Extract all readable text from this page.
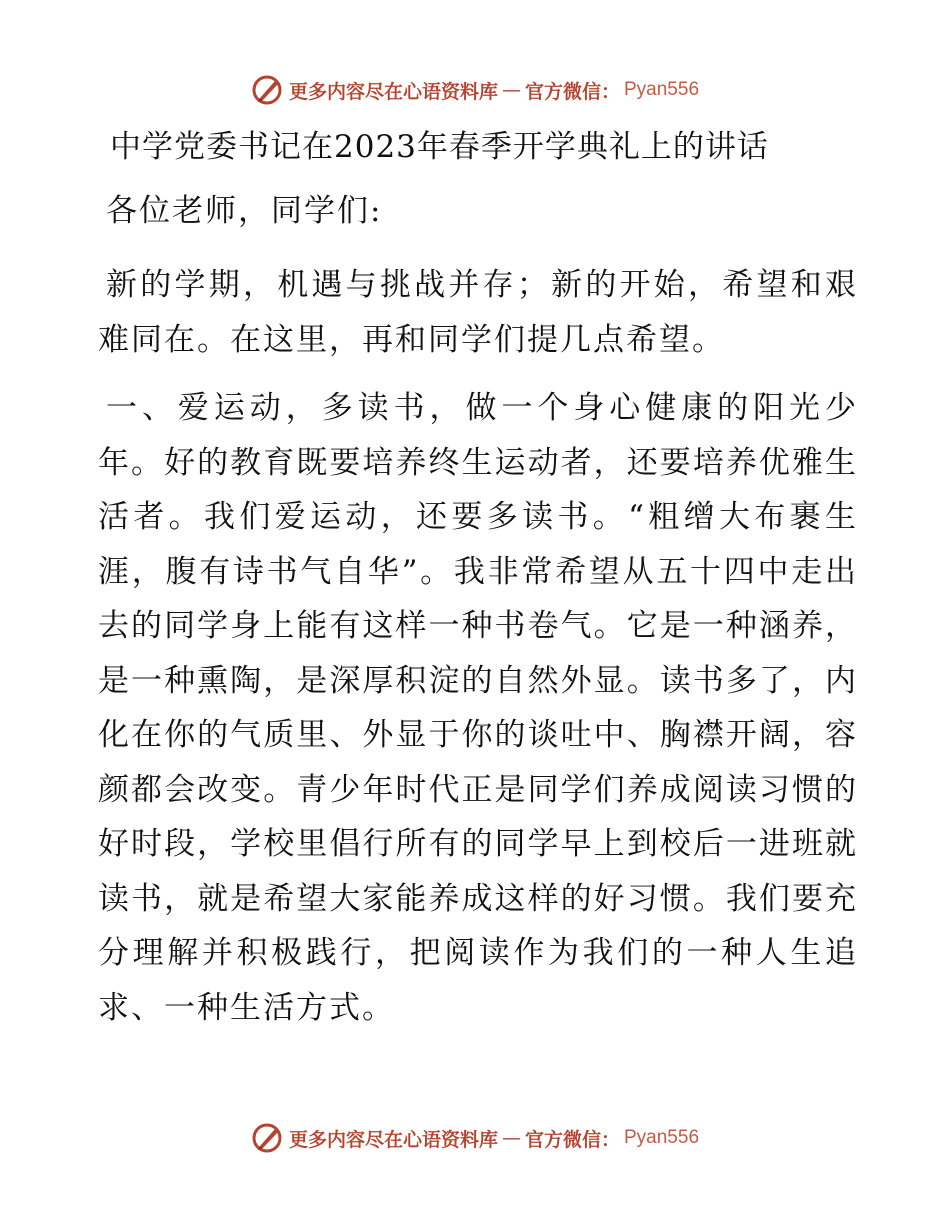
更多内容尽在心语资料库 — 官方微信： Pyan556
中学党委书记在2023年春季开学典礼上的讲话
各位老师，同学们:

新的学期，机遇与挑战并存；新的开始，希望和艰难同在。在这里，再和同学们提几点希望。

一、爱运动，多读书，做一个身心健康的阳光少年。好的教育既要培养终生运动者，还要培养优雅生活者。我们爱运动，还要多读书。“粗缯大布裹生涯，腹有诗书气自华”。我非常希望从五十四中走出去的同学身上能有这样一种书卷气。它是一种涵养，是一种熏陶，是深厚积淀的自然外显。读书多了，内化在你的气质里、外显于你的谈吐中、胸襟开阔，容颜都会改变。青少年时代正是同学们养成阅读习惯的好时段，学校里倡行所有的同学早上到校后一进班就读书，就是希望大家能养成这样的好习惯。我们要充分理解并积极践行，把阅读作为我们的一种人生追求、一种生活方式。

更多内容尽在心语资料库 — 官方微信： Pyan556
